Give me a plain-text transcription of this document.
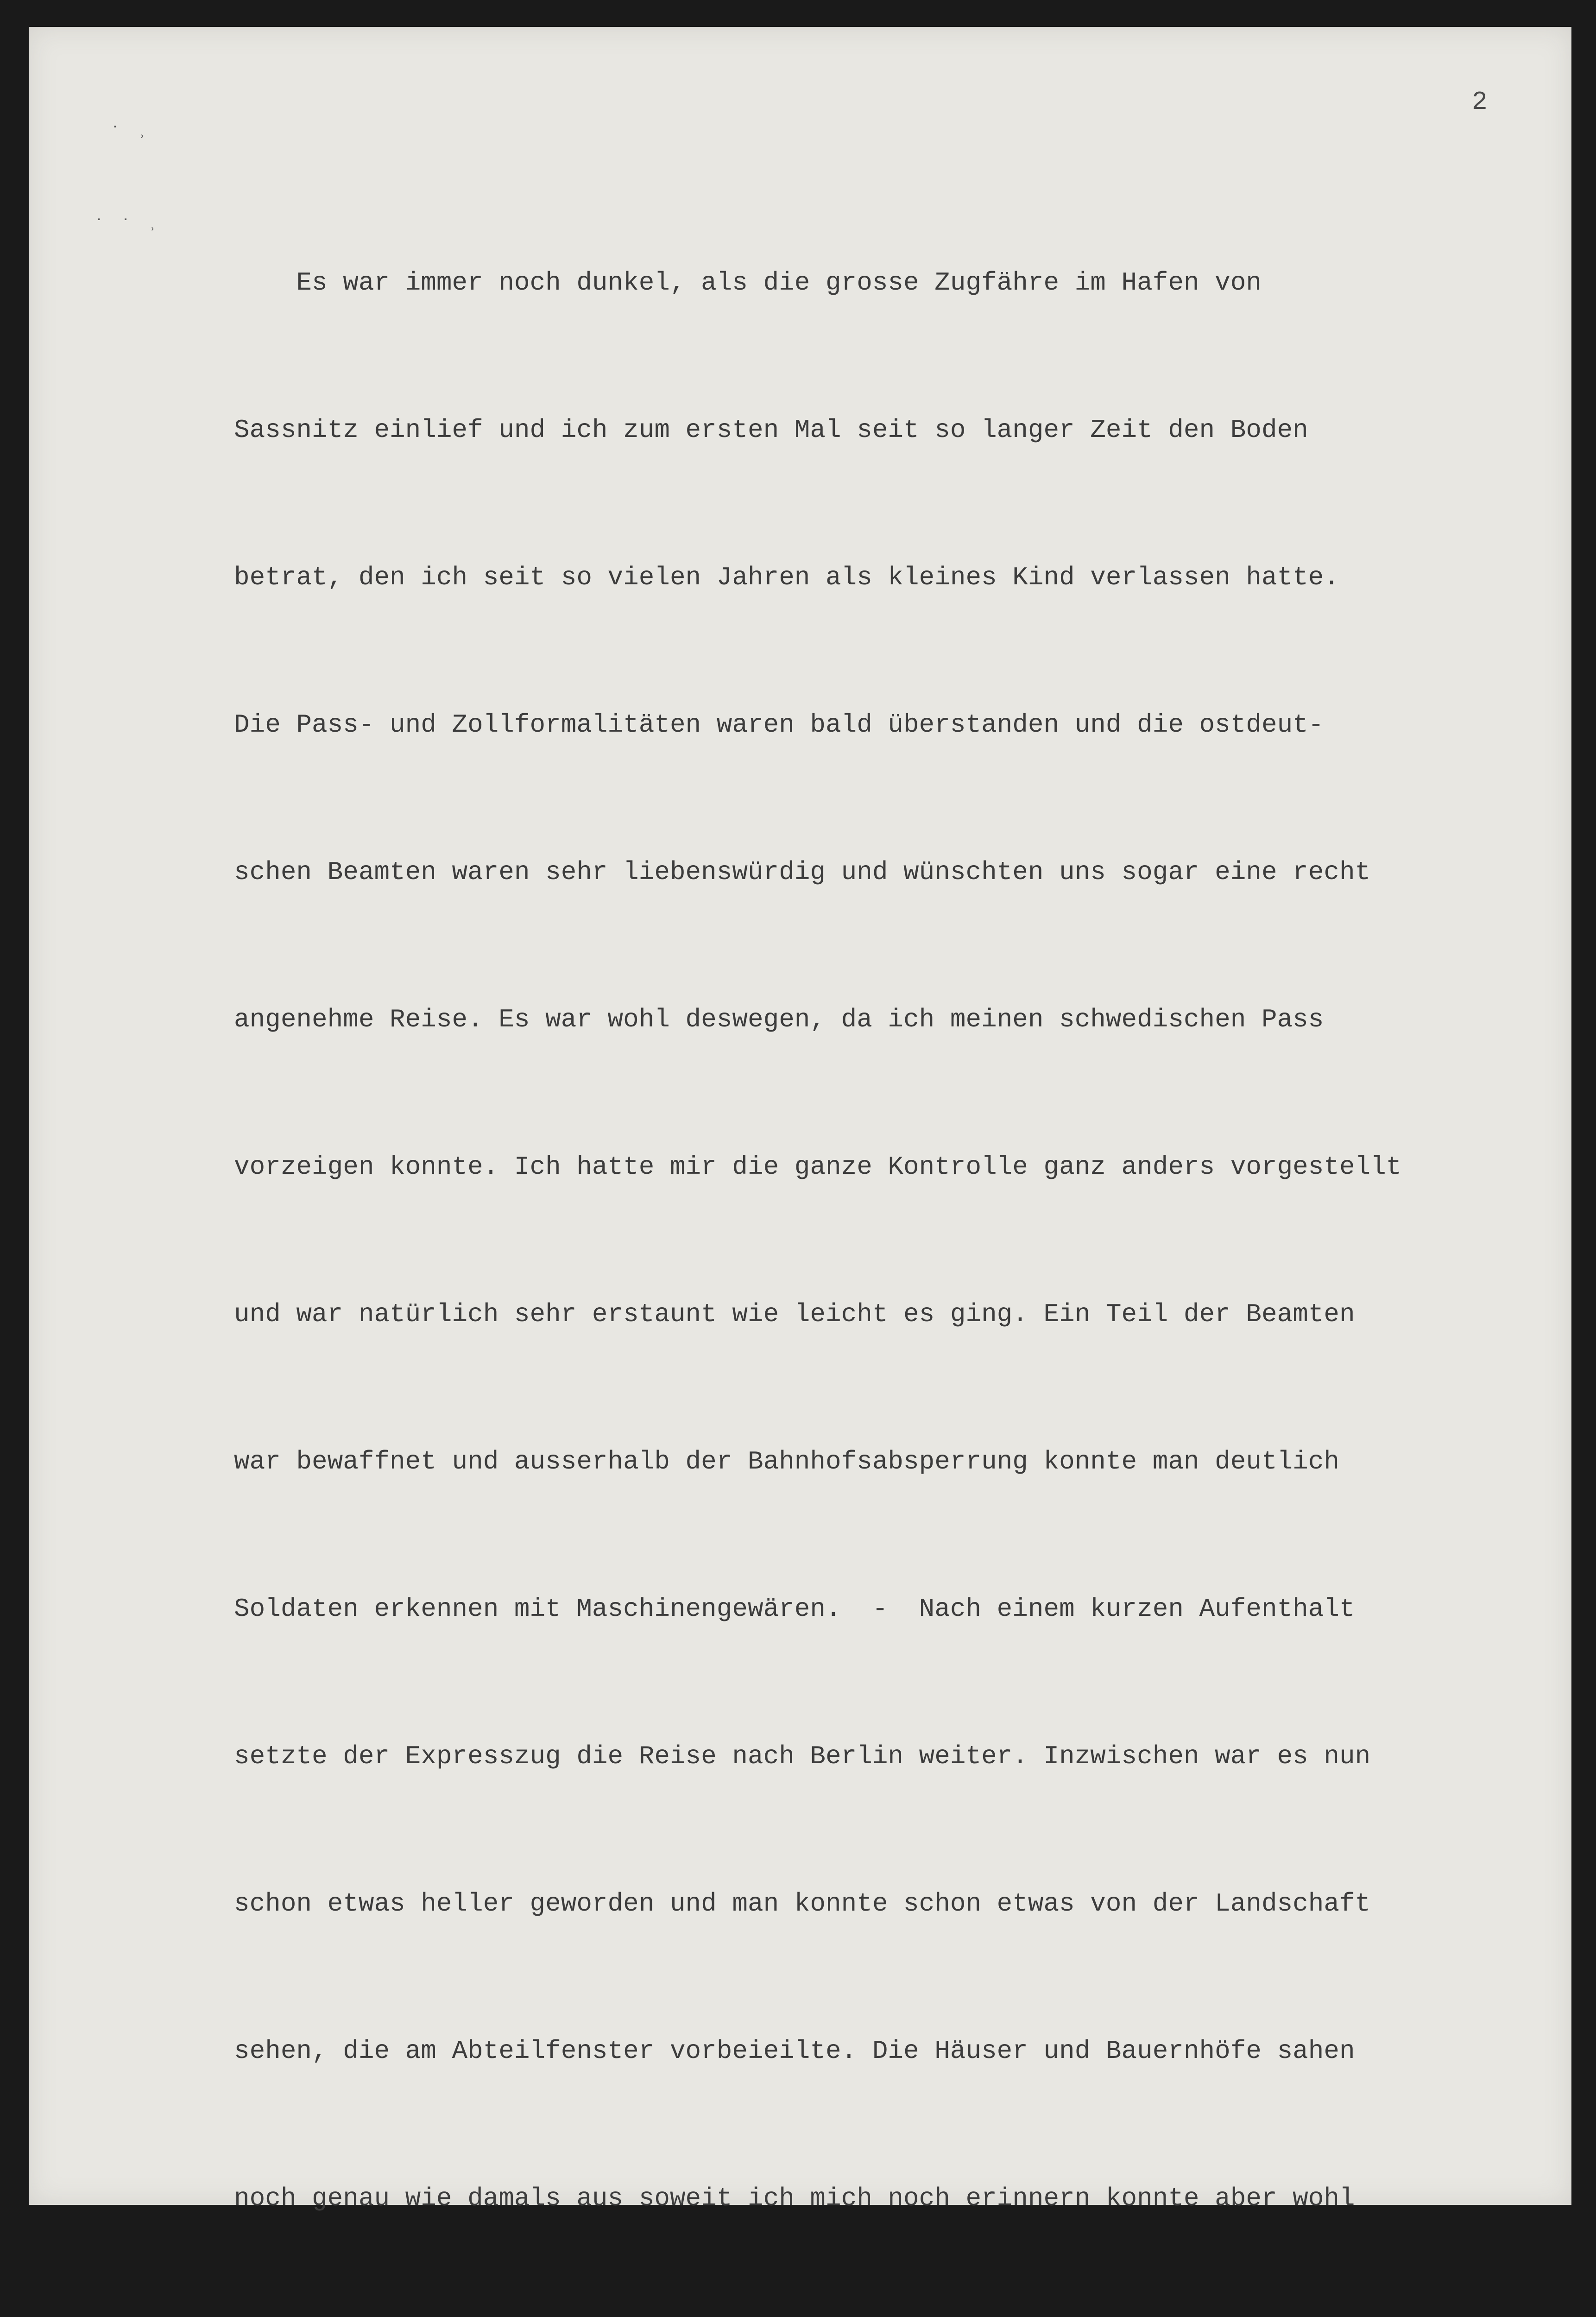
˙ ˒
˙ ˙ ˒
2

Es war immer noch dunkel, als die grosse Zugfähre im Hafen von

Sassnitz einlief und ich zum ersten Mal seit so langer Zeit den Boden

betrat, den ich seit so vielen Jahren als kleines Kind verlassen hatte.

Die Pass- und Zollformalitäten waren bald überstanden und die ostdeut-

schen Beamten waren sehr liebenswürdig und wünschten uns sogar eine recht

angenehme Reise. Es war wohl deswegen, da ich meinen schwedischen Pass

vorzeigen konnte. Ich hatte mir die ganze Kontrolle ganz anders vorgestellt

und war natürlich sehr erstaunt wie leicht es ging. Ein Teil der Beamten

war bewaffnet und ausserhalb der Bahnhofsabsperrung konnte man deutlich

Soldaten erkennen mit Maschinengewären.  -  Nach einem kurzen Aufenthalt

setzte der Expresszug die Reise nach Berlin weiter. Inzwischen war es nun

schon etwas heller geworden und man konnte schon etwas von der Landschaft

sehen, die am Abteilfenster vorbeieilte. Die Häuser und Bauernhöfe sahen

noch genau wie damals aus soweit ich mich noch erinnern konnte aber wohl
